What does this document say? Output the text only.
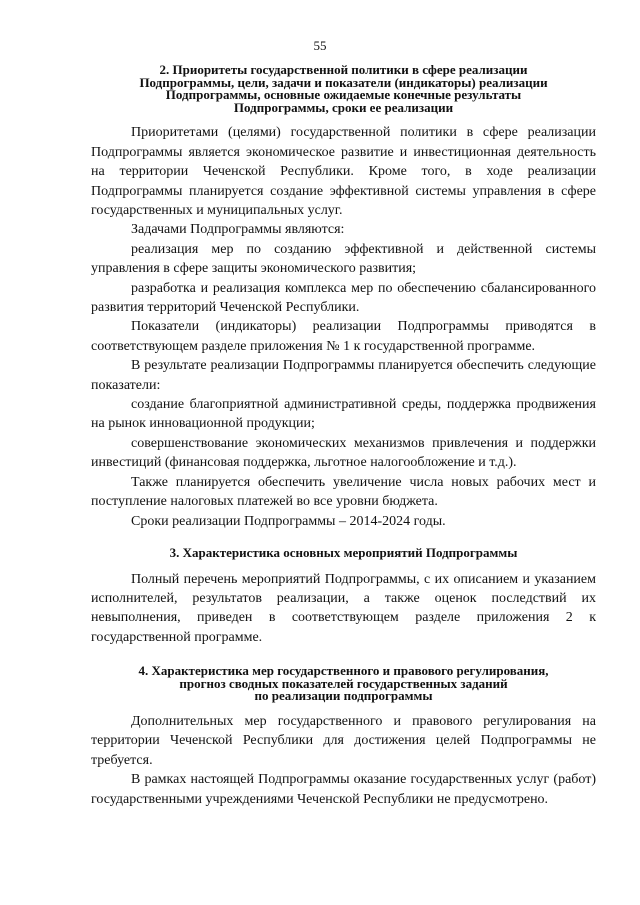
55
2. Приоритеты государственной политики в сфере реализации
Подпрограммы, цели, задачи и показатели (индикаторы) реализации
Подпрограммы, основные ожидаемые конечные результаты
Подпрограммы, сроки ее реализации

Приоритетами (целями) государственной политики в сфере реализации Подпрограммы является экономическое развитие и инвестиционная деятельность на территории Чеченской Республики. Кроме того, в ходе реализации Подпрограммы планируется создание эффективной системы управления в сфере государственных и муниципальных услуг.

Задачами Подпрограммы являются:

реализация мер по созданию эффективной и действенной системы управления в сфере защиты экономического развития;

разработка и реализация комплекса мер по обеспечению сбалансированного развития территорий Чеченской Республики.

Показатели (индикаторы) реализации Подпрограммы приводятся в соответствующем разделе приложения № 1 к государственной программе.

В результате реализации Подпрограммы планируется обеспечить следующие показатели:

создание благоприятной административной среды, поддержка продвижения на рынок инновационной продукции;

совершенствование экономических механизмов привлечения и поддержки инвестиций (финансовая поддержка, льготное налогообложение и т.д.).

Также планируется обеспечить увеличение числа новых рабочих мест и поступление налоговых платежей во все уровни бюджета.

Сроки реализации Подпрограммы – 2014-2024 годы.

3. Характеристика основных мероприятий Подпрограммы

Полный перечень мероприятий Подпрограммы, с их описанием и указанием исполнителей, результатов реализации, а также оценок последствий их невыполнения, приведен в соответствующем разделе приложения 2 к государственной программе.

4. Характеристика мер государственного и правового регулирования,
прогноз сводных показателей государственных заданий
по реализации подпрограммы

Дополнительных мер государственного и правового регулирования на территории Чеченской Республики для достижения целей Подпрограммы не требуется.

В рамках настоящей Подпрограммы оказание государственных услуг (работ) государственными учреждениями Чеченской Республики не предусмотрено.
